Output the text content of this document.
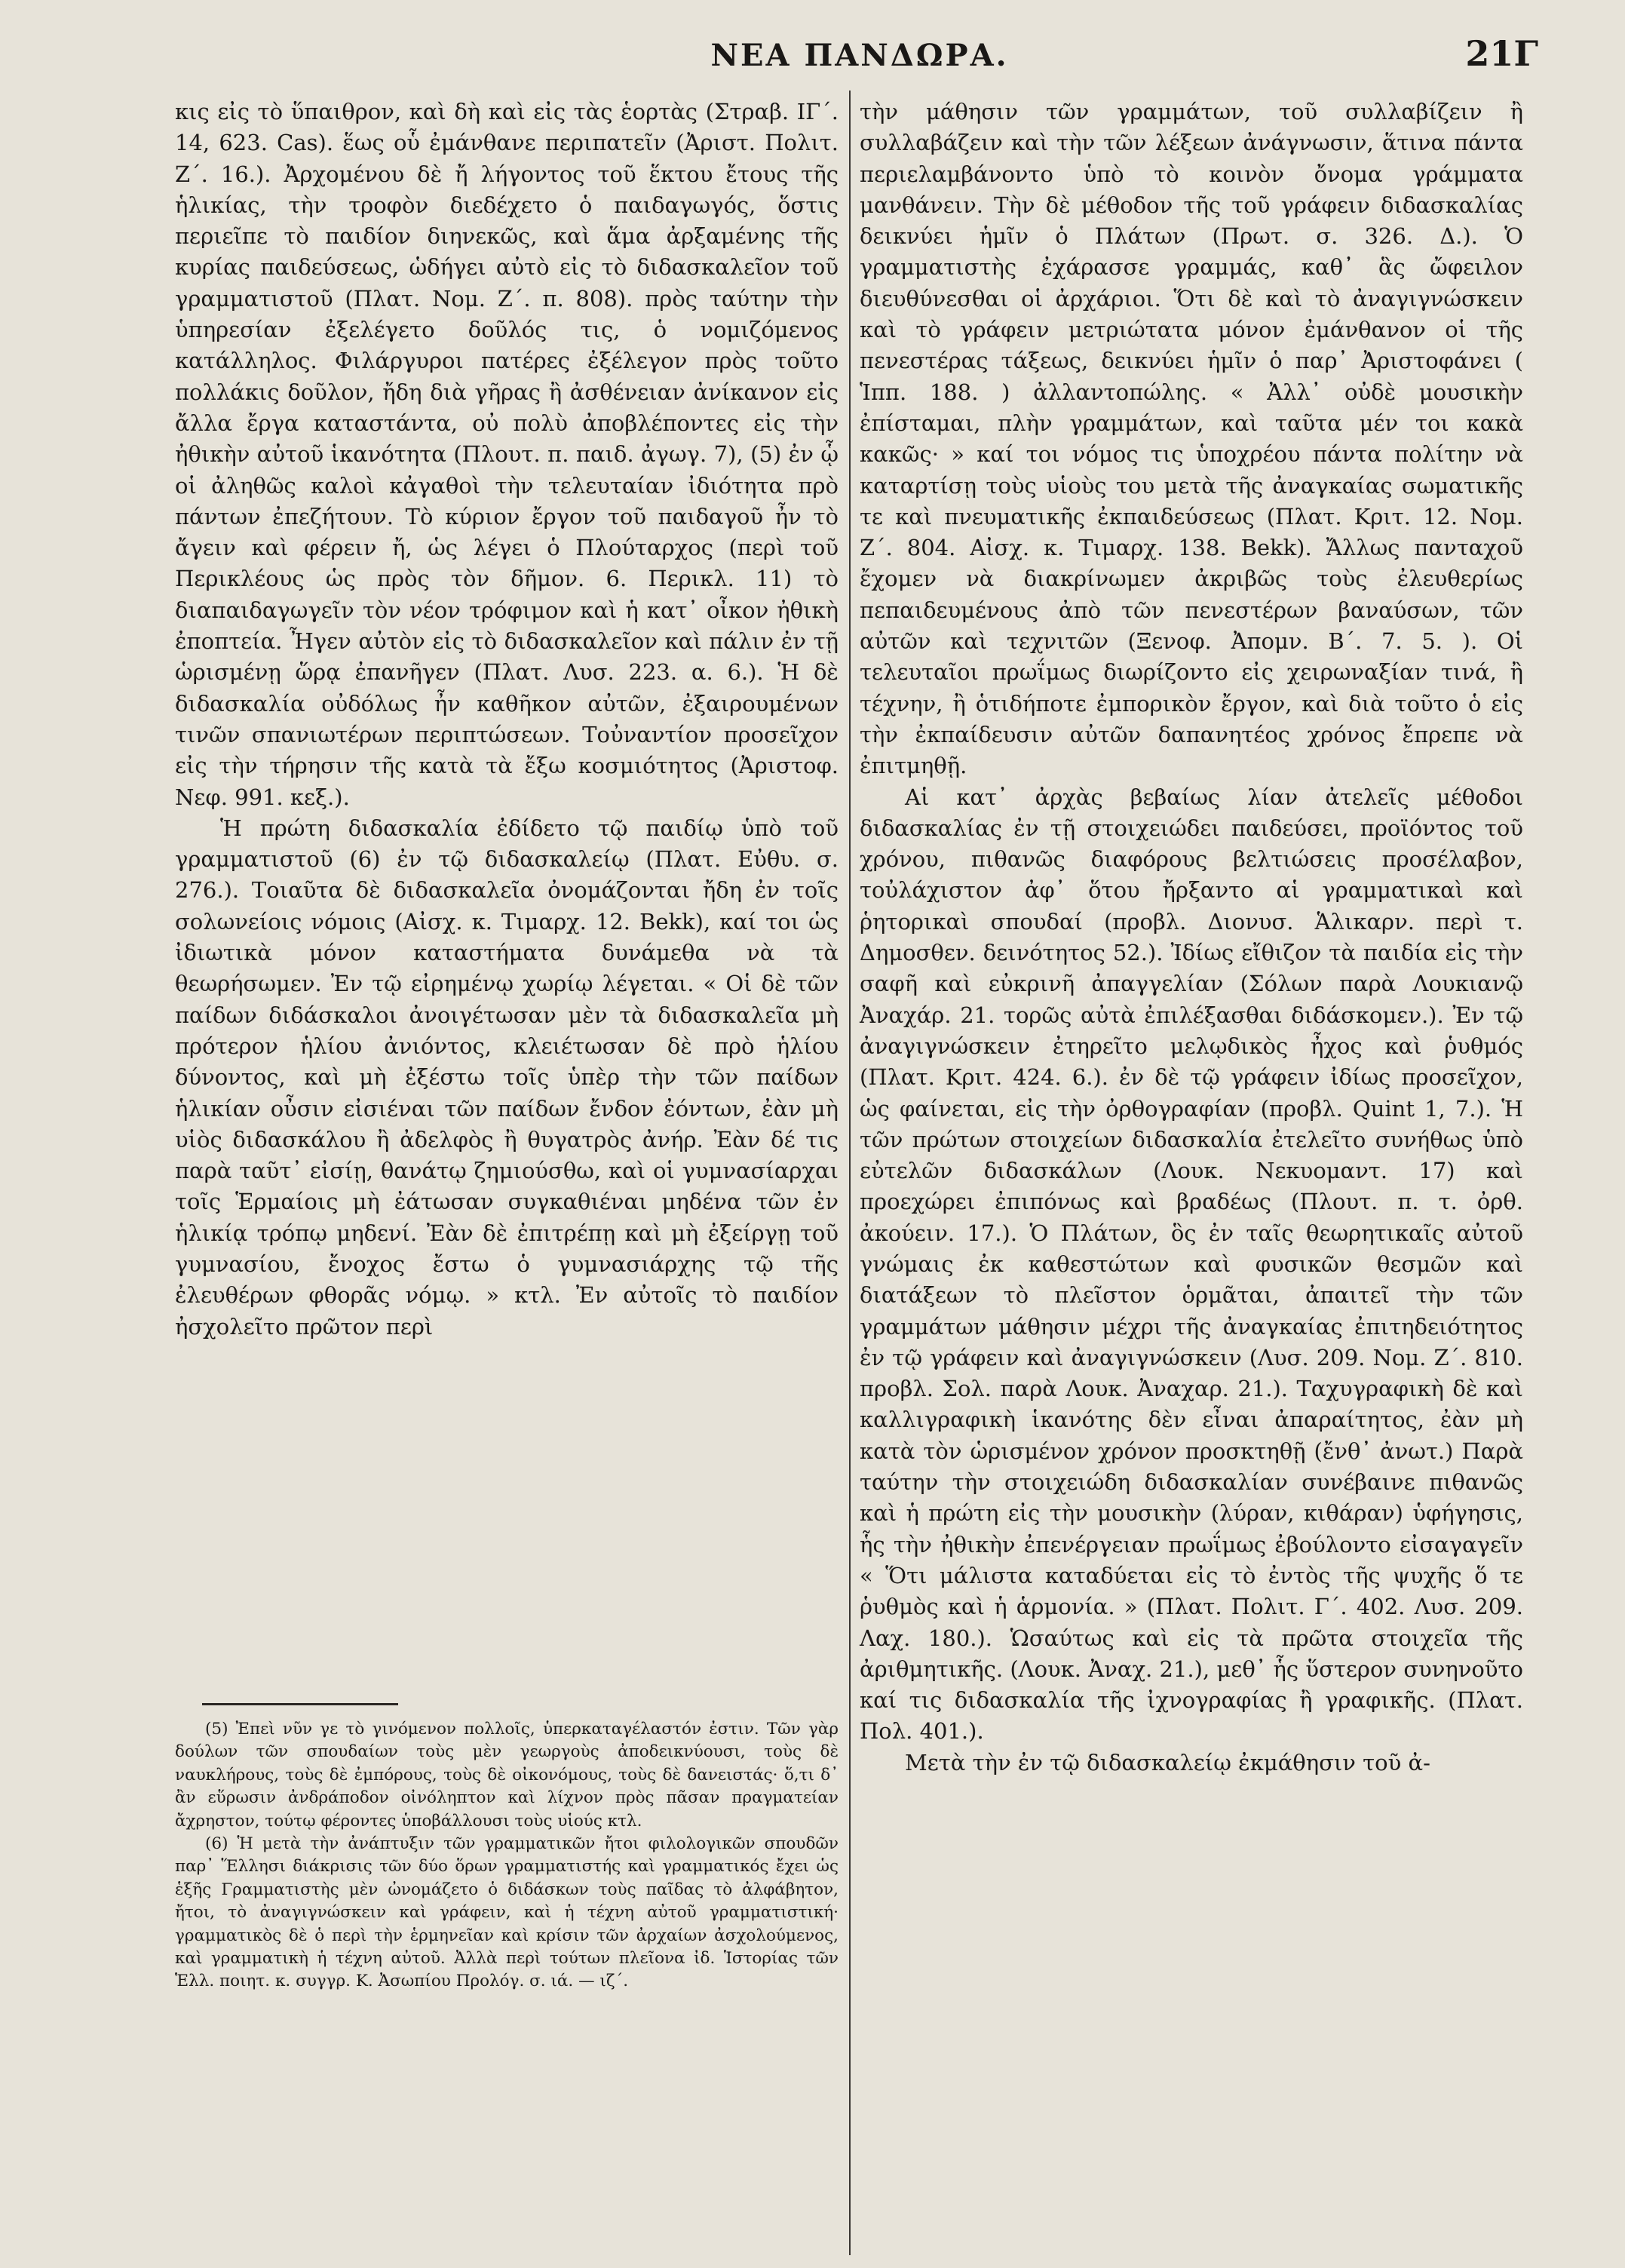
ΝΕΑ ΠΑΝΔΩΡΑ.	21Γ

κις εἰς τὸ ὕπαιθρον, καὶ δὴ καὶ εἰς τὰς ἑορτὰς (Στραβ. ΙΓ΄. 14, 623. Cas). ἕως οὗ ἐμάνθανε περιπατεῖν (Ἀριστ. Πολιτ. Ζ΄. 16.). Ἀρχομένου δὲ ἤ λήγοντος τοῦ ἕκτου ἔτους τῆς ἡλικίας, τὴν τροφὸν διεδέχετο ὁ παιδαγωγός, ὅστις περιεῖπε τὸ παιδίον διηνεκῶς, καὶ ἅμα ἀρξαμένης τῆς κυρίας παιδεύσεως, ὡδήγει αὐτὸ εἰς τὸ διδασκαλεῖον τοῦ γραμματιστοῦ (Πλατ. Νομ. Ζ΄. π. 808). πρὸς ταύτην τὴν ὑπηρεσίαν ἐξελέγετο δοῦλός τις, ὁ νομιζόμενος κατάλληλος. Φιλάργυροι πατέρες ἐξέλεγον πρὸς τοῦτο πολλάκις δοῦλον, ἤδη διὰ γῆρας ἢ ἀσθένειαν ἀνίκανον εἰς ἄλλα ἔργα καταστάντα, οὐ πολὺ ἀποβλέποντες εἰς τὴν ἠθικὴν αὐτοῦ ἱκανότητα (Πλουτ. π. παιδ. ἀγωγ. 7), (5) ἐν ᾧ οἱ ἀληθῶς καλοὶ κἀγαθοὶ τὴν τελευταίαν ἰδιότητα πρὸ πάντων ἐπεζήτουν. Τὸ κύριον ἔργον τοῦ παιδαγοῦ ἦν τὸ ἄγειν καὶ φέρειν ἤ, ὡς λέγει ὁ Πλούταρχος (περὶ τοῦ Περικλέους ὡς πρὸς τὸν δῆμον. 6. Περικλ. 11) τὸ διαπαιδαγωγεῖν τὸν νέον τρόφιμον καὶ ἡ κατ᾽ οἶκον ἠθικὴ ἐποπτεία. Ἦγεν αὐτὸν εἰς τὸ διδασκαλεῖον καὶ πάλιν ἐν τῇ ὡρισμένῃ ὥρᾳ ἐπανῆγεν (Πλατ. Λυσ. 223. α. 6.). Ἡ δὲ διδασκαλία οὐδόλως ἦν καθῆκον αὐτῶν, ἐξαιρουμένων τινῶν σπανιωτέρων περιπτώσεων. Τοὐναντίον προσεῖχον εἰς τὴν τήρησιν τῆς κατὰ τὰ ἔξω κοσμιότητος (Ἀριστοφ. Νεφ. 991. κεξ.).

Ἡ πρώτη διδασκαλία ἐδίδετο τῷ παιδίῳ ὑπὸ τοῦ γραμματιστοῦ (6) ἐν τῷ διδασκαλείῳ (Πλατ. Εὐθυ. σ. 276.). Τοιαῦτα δὲ διδασκαλεῖα ὀνομάζονται ἤδη ἐν τοῖς σολωνείοις νόμοις (Αἰσχ. κ. Τιμαρχ. 12. Bekk), καί τοι ὡς ἰδιωτικὰ μόνον καταστήματα δυνάμεθα νὰ τὰ θεωρήσωμεν. Ἐν τῷ εἰρημένῳ χωρίῳ λέγεται. « Οἱ δὲ τῶν παίδων διδάσκαλοι ἀνοιγέτωσαν μὲν τὰ διδασκαλεῖα μὴ πρότερον ἡλίου ἀνιόντος, κλειέτωσαν δὲ πρὸ ἡλίου δύνοντος, καὶ μὴ ἐξέστω τοῖς ὑπὲρ τὴν τῶν παίδων ἡλικίαν οὖσιν εἰσιέναι τῶν παίδων ἔνδον ἐόντων, ἐὰν μὴ υἱὸς διδασκάλου ἢ ἀδελφὸς ἢ θυγατρὸς ἀνήρ. Ἐὰν δέ τις παρὰ ταῦτ᾽ εἰσίῃ, θανάτῳ ζημιούσθω, καὶ οἱ γυμνασίαρχαι τοῖς Ἑρμαίοις μὴ ἐάτωσαν συγκαθιέναι μηδένα τῶν ἐν ἡλικίᾳ τρόπῳ μηδενί. Ἐὰν δὲ ἐπιτρέπῃ καὶ μὴ ἐξείργῃ τοῦ γυμνασίου, ἔνοχος ἔστω ὁ γυμνασιάρχης τῷ τῆς ἐλευθέρων φθορᾶς νόμῳ. » κτλ. Ἐν αὐτοῖς τὸ παιδίον ἠσχολεῖτο πρῶτον περὶ

τὴν μάθησιν τῶν γραμμάτων, τοῦ συλλαβίζειν ἢ συλλαβάζειν καὶ τὴν τῶν λέξεων ἀνάγνωσιν, ἅτινα πάντα περιελαμβάνοντο ὑπὸ τὸ κοινὸν ὄνομα γράμματα μανθάνειν. Τὴν δὲ μέθοδον τῆς τοῦ γράφειν διδασκαλίας δεικνύει ἡμῖν ὁ Πλάτων (Πρωτ. σ. 326. Δ.). Ὁ γραμματιστὴς ἐχάρασσε γραμμάς, καθ᾽ ἃς ὤφειλον διευθύνεσθαι οἱ ἀρχάριοι. Ὅτι δὲ καὶ τὸ ἀναγιγνώσκειν καὶ τὸ γράφειν μετριώτατα μόνον ἐμάνθανον οἱ τῆς πενεστέρας τάξεως, δεικνύει ἡμῖν ὁ παρ᾽ Ἀριστοφάνει ( Ἱππ. 188. ) ἀλλαντοπώλης. « Ἀλλ᾽ οὐδὲ μουσικὴν ἐπίσταμαι, πλὴν γραμμάτων, καὶ ταῦτα μέν τοι κακὰ κακῶς· » καί τοι νόμος τις ὑποχρέου πάντα πολίτην νὰ καταρτίσῃ τοὺς υἱοὺς του μετὰ τῆς ἀναγκαίας σωματικῆς τε καὶ πνευματικῆς ἐκπαιδεύσεως (Πλατ. Κριτ. 12. Νομ. Ζ΄. 804. Αἰσχ. κ. Τιμαρχ. 138. Bekk). Ἄλλως πανταχοῦ ἔχομεν νὰ διακρίνωμεν ἀκριβῶς τοὺς ἐλευθερίως πεπαιδευμένους ἀπὸ τῶν πενεστέρων βαναύσων, τῶν αὐτῶν καὶ τεχνιτῶν (Ξενοφ. Ἀπομν. Β΄. 7. 5. ). Οἱ τελευταῖοι πρωΐμως διωρίζοντο εἰς χειρωναξίαν τινά, ἢ τέχνην, ἢ ὁτιδήποτε ἐμπορικὸν ἔργον, καὶ διὰ τοῦτο ὁ εἰς τὴν ἐκπαίδευσιν αὐτῶν δαπανητέος χρόνος ἔπρεπε νὰ ἐπιτμηθῇ.

Αἱ κατ᾽ ἀρχὰς βεβαίως λίαν ἀτελεῖς μέθοδοι διδασκαλίας ἐν τῇ στοιχειώδει παιδεύσει, προϊόντος τοῦ χρόνου, πιθανῶς διαφόρους βελτιώσεις προσέλαβον, τοὐλάχιστον ἀφ᾽ ὅτου ἤρξαντο αἱ γραμματικαὶ καὶ ῥητορικαὶ σπουδαί (προβλ. Διονυσ. Ἁλικαρν. περὶ τ. Δημοσθεν. δεινότητος 52.). Ἰδίως εἴθιζον τὰ παιδία εἰς τὴν σαφῆ καὶ εὐκρινῆ ἀπαγγελίαν (Σόλων παρὰ Λουκιανῷ Ἀναχάρ. 21. τορῶς αὐτὰ ἐπιλέξασθαι διδάσκομεν.). Ἐν τῷ ἀναγιγνώσκειν ἐτηρεῖτο μελῳδικὸς ἦχος καὶ ῥυθμός (Πλατ. Κριτ. 424. 6.). ἐν δὲ τῷ γράφειν ἰδίως προσεῖχον, ὡς φαίνεται, εἰς τὴν ὀρθογραφίαν (προβλ. Quint 1, 7.). Ἡ τῶν πρώτων στοιχείων διδασκαλία ἐτελεῖτο συνήθως ὑπὸ εὐτελῶν διδασκάλων (Λουκ. Νεκυομαντ. 17) καὶ προεχώρει ἐπιπόνως καὶ βραδέως (Πλουτ. π. τ. ὀρθ. ἀκούειν. 17.). Ὁ Πλάτων, ὃς ἐν ταῖς θεωρητικαῖς αὐτοῦ γνώμαις ἐκ καθεστώτων καὶ φυσικῶν θεσμῶν καὶ διατάξεων τὸ πλεῖστον ὁρμᾶται, ἀπαιτεῖ τὴν τῶν γραμμάτων μάθησιν μέχρι τῆς ἀναγκαίας ἐπιτηδειότητος ἐν τῷ γράφειν καὶ ἀναγιγνώσκειν (Λυσ. 209. Νομ. Ζ΄. 810. προβλ. Σολ. παρὰ Λουκ. Ἀναχαρ. 21.). Ταχυγραφικὴ δὲ καὶ καλλιγραφικὴ ἱκανότης δὲν εἶναι ἀπαραίτητος, ἐὰν μὴ κατὰ τὸν ὡρισμένον χρόνον προσκτηθῇ (ἔνθ᾽ ἀνωτ.) Παρὰ ταύτην τὴν στοιχειώδη διδασκαλίαν συνέβαινε πιθανῶς καὶ ἡ πρώτη εἰς τὴν μουσικὴν (λύραν, κιθάραν) ὑφήγησις, ἧς τὴν ἠθικὴν ἐπενέργειαν πρωΐμως ἐβούλοντο εἰσαγαγεῖν « Ὅτι μάλιστα καταδύεται εἰς τὸ ἐντὸς τῆς ψυχῆς ὅ τε ῥυθμὸς καὶ ἡ ἁρμονία. » (Πλατ. Πολιτ. Γ΄. 402. Λυσ. 209. Λαχ. 180.). Ὡσαύτως καὶ εἰς τὰ πρῶτα στοιχεῖα τῆς ἀριθμητικῆς. (Λουκ. Ἀναχ. 21.), μεθ᾽ ἧς ὕστερον συνηνοῦτο καί τις διδασκαλία τῆς ἰχνογραφίας ἢ γραφικῆς. (Πλατ. Πολ. 401.).

Μετὰ τὴν ἐν τῷ διδασκαλείῳ ἐκμάθησιν τοῦ ἀ-

(5) Ἐπεὶ νῦν γε τὸ γινόμενον πολλοῖς, ὑπερκαταγέλαστόν ἐστιν. Τῶν γὰρ δούλων τῶν σπουδαίων τοὺς μὲν γεωργοὺς ἀποδεικνύουσι, τοὺς δὲ ναυκλήρους, τοὺς δὲ ἐμπόρους, τοὺς δὲ οἰκονόμους, τοὺς δὲ δανειστάς· ὅ,τι δ᾽ ἂν εὕρωσιν ἀνδράποδον οἰνόληπτον καὶ λίχνον πρὸς πᾶσαν πραγματείαν ἄχρηστον, τούτῳ φέροντες ὑποβάλλουσι τοὺς υἱούς κτλ.

(6) Ἡ μετὰ τὴν ἀνάπτυξιν τῶν γραμματικῶν ἤτοι φιλολογικῶν σπουδῶν παρ᾽ Ἕλλησι διάκρισις τῶν δύο ὅρων γραμματιστής καὶ γραμματικός ἔχει ὡς ἑξῆς Γραμματιστὴς μὲν ὠνομάζετο ὁ διδάσκων τοὺς παῖδας τὸ ἀλφάβητον, ἤτοι, τὸ ἀναγιγνώσκειν καὶ γράφειν, καὶ ἡ τέχνη αὐτοῦ γραμματιστική· γραμματικὸς δὲ ὁ περὶ τὴν ἑρμηνεῖαν καὶ κρίσιν τῶν ἀρχαίων ἀσχολούμενος, καὶ γραμματικὴ ἡ τέχνη αὐτοῦ. Ἀλλὰ περὶ τούτων πλεῖονα ἰδ. Ἱστορίας τῶν Ἑλλ. ποιητ. κ. συγγρ. Κ. Ἀσωπίου Προλόγ. σ. ιά. — ιζ΄.
